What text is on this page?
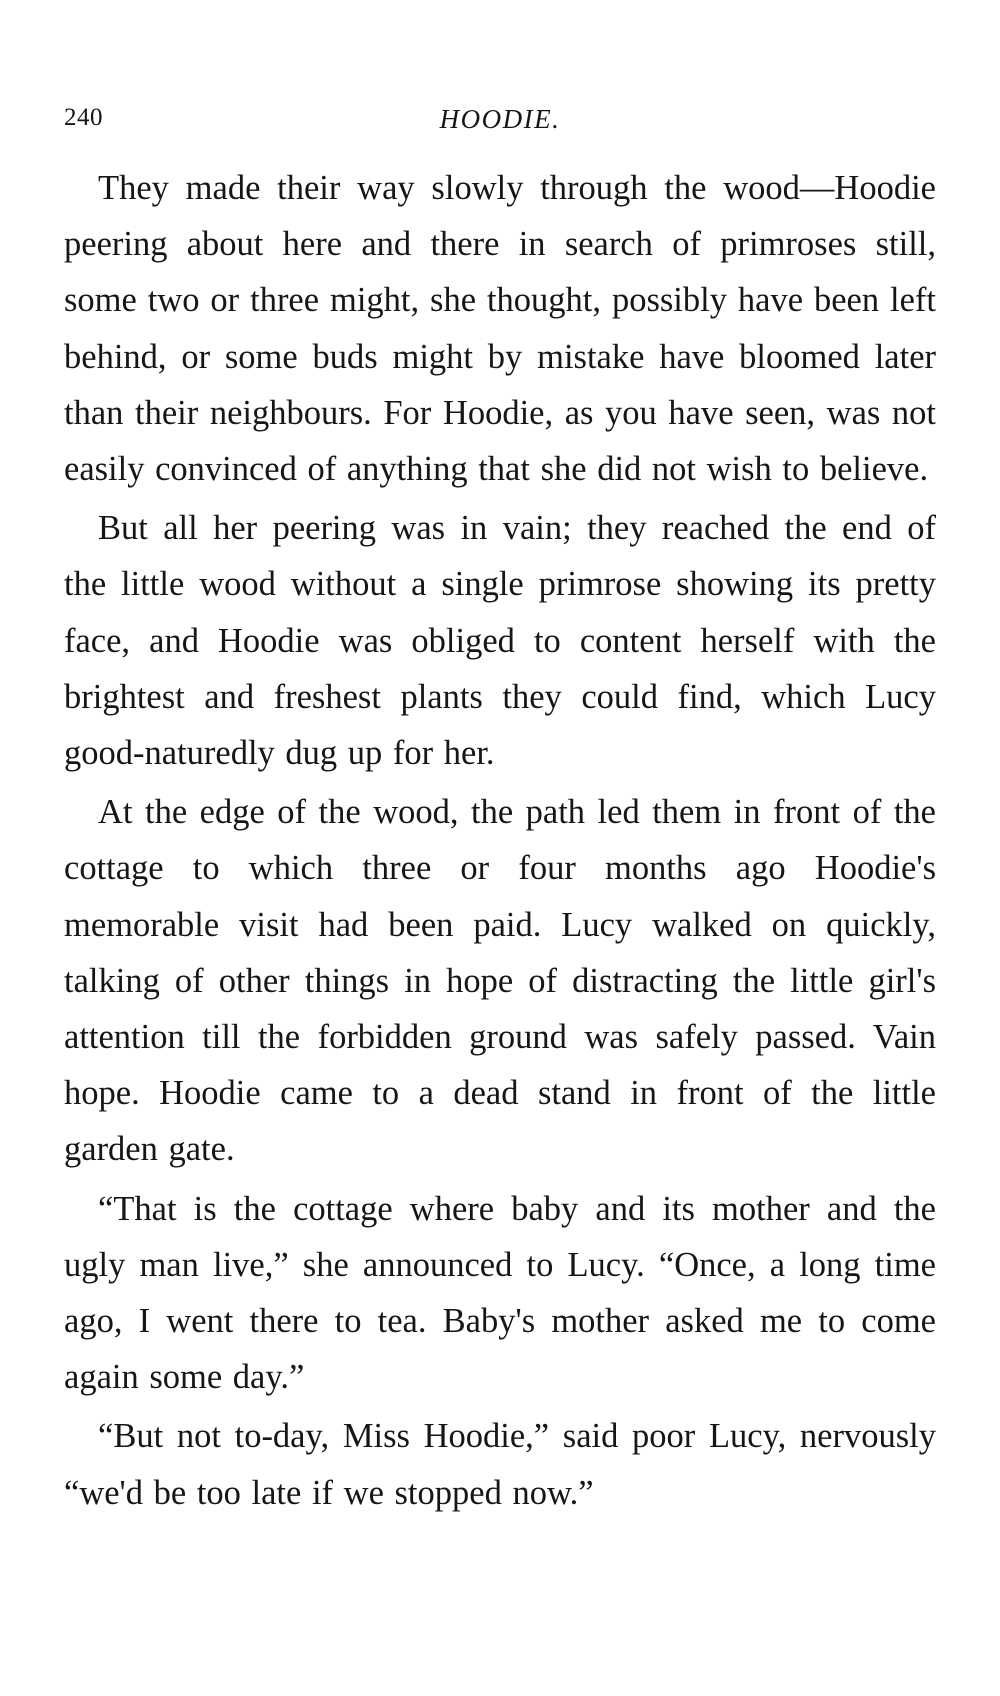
240	HOODIE.

They made their way slowly through the wood—Hoodie peering about here and there in search of primroses still, some two or three might, she thought, possibly have been left behind, or some buds might by mistake have bloomed later than their neighbours. For Hoodie, as you have seen, was not easily convinced of anything that she did not wish to believe.

But all her peering was in vain; they reached the end of the little wood without a single primrose showing its pretty face, and Hoodie was obliged to content herself with the brightest and freshest plants they could find, which Lucy good-naturedly dug up for her.

At the edge of the wood, the path led them in front of the cottage to which three or four months ago Hoodie's memorable visit had been paid. Lucy walked on quickly, talking of other things in hope of distracting the little girl's attention till the forbidden ground was safely passed. Vain hope. Hoodie came to a dead stand in front of the little garden gate.

“That is the cottage where baby and its mother and the ugly man live,” she announced to Lucy. “Once, a long time ago, I went there to tea. Baby's mother asked me to come again some day.”

“But not to-day, Miss Hoodie,” said poor Lucy, nervously “we'd be too late if we stopped now.”
